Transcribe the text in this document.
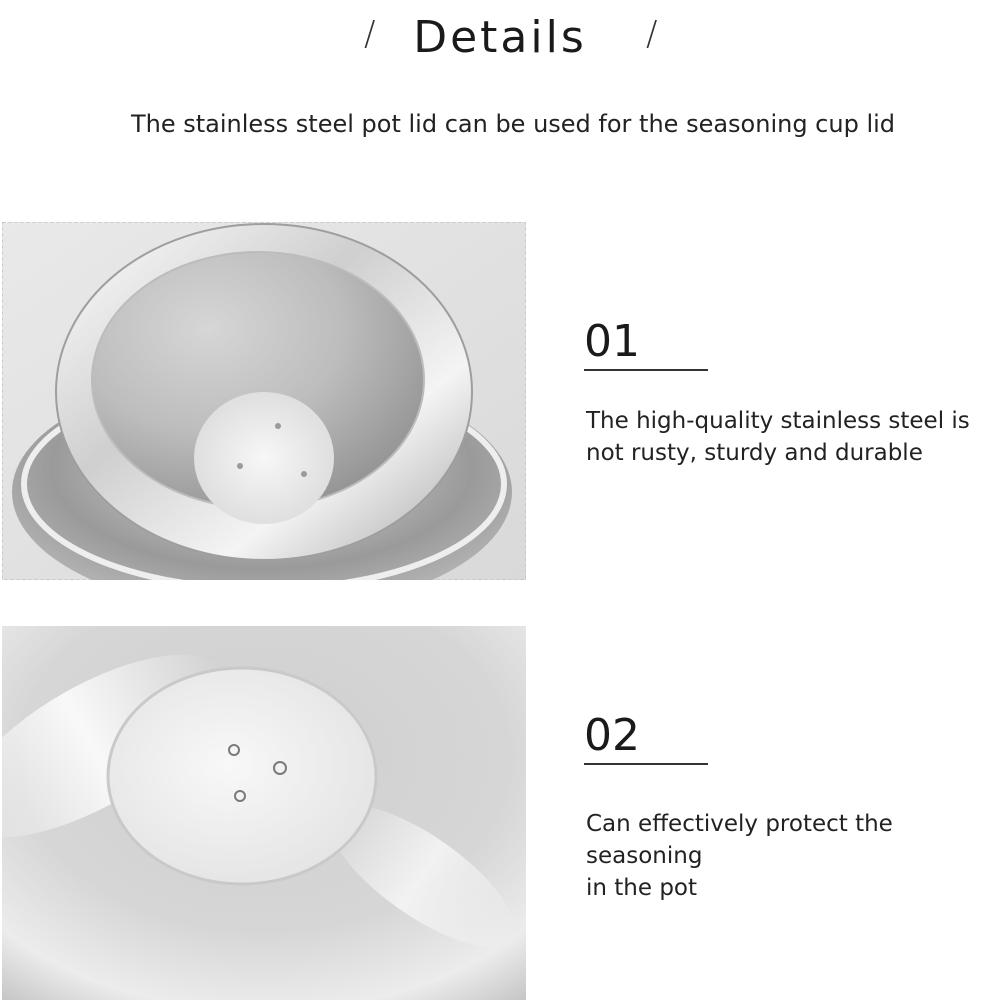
/ Details	/
The stainless steel pot lid can be used for the seasoning cup lid
01
The high-quality stainless steel is
not rusty, sturdy and durable
02
Can effectively protect the seasoning
in the pot
